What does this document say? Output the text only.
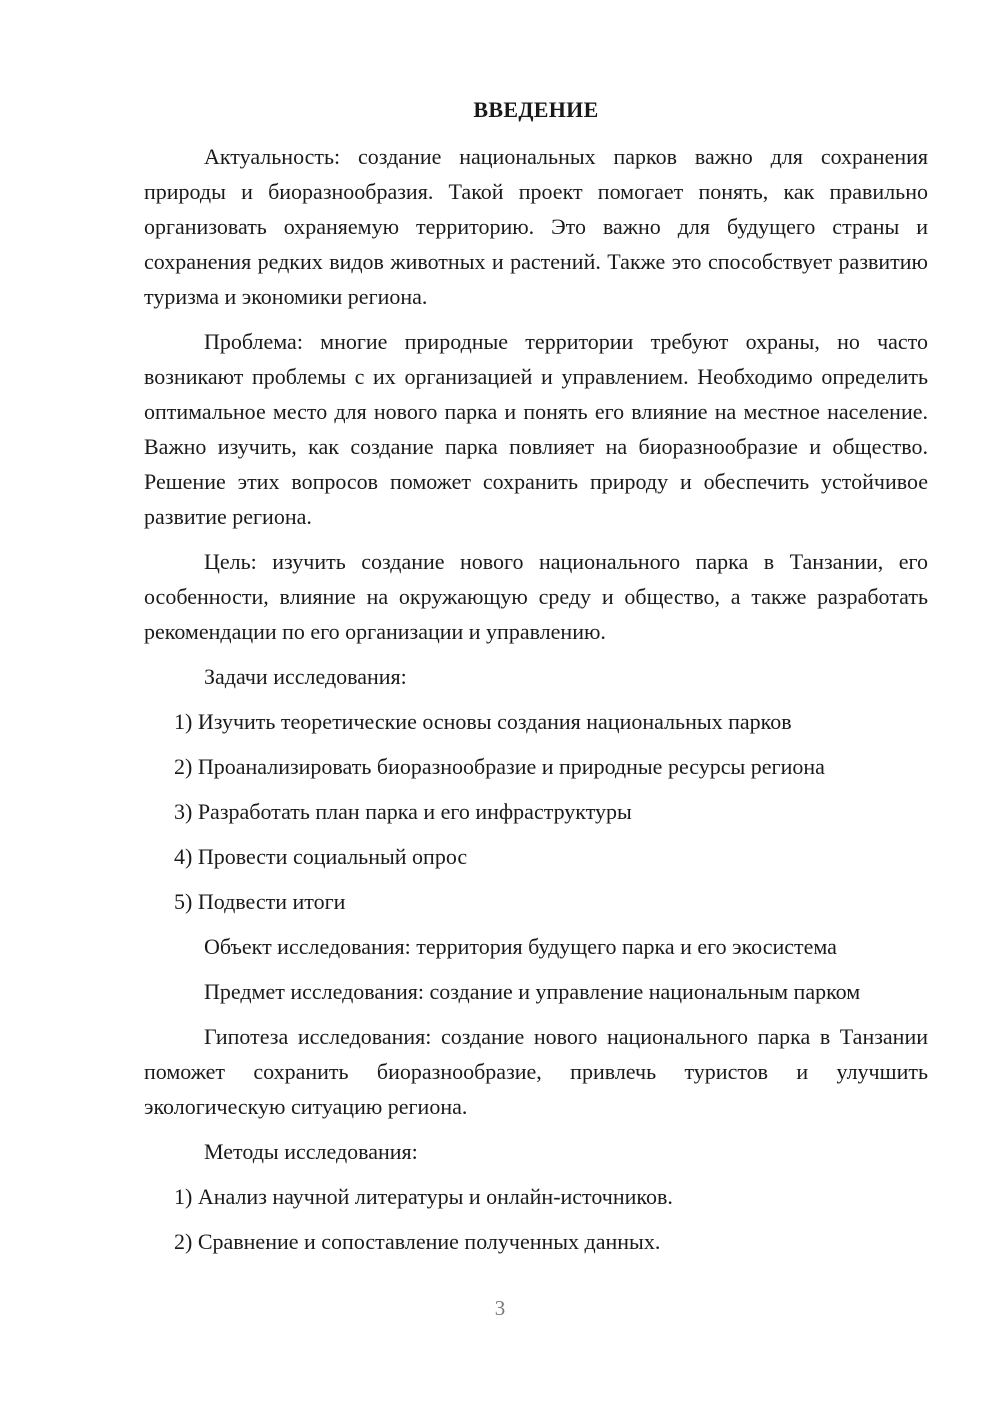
ВВЕДЕНИЕ

Актуальность: создание национальных парков важно для сохранения природы и биоразнообразия. Такой проект помогает понять, как правильно организовать охраняемую территорию. Это важно для будущего страны и сохранения редких видов животных и растений. Также это способствует развитию туризма и экономики региона.

Проблема: многие природные территории требуют охраны, но часто возникают проблемы с их организацией и управлением. Необходимо определить оптимальное место для нового парка и понять его влияние на местное население. Важно изучить, как создание парка повлияет на биоразнообразие и общество. Решение этих вопросов поможет сохранить природу и обеспечить устойчивое развитие региона.

Цель: изучить создание нового национального парка в Танзании, его особенности, влияние на окружающую среду и общество, а также разработать рекомендации по его организации и управлению.

Задачи исследования:

1) Изучить теоретические основы создания национальных парков

2) Проанализировать биоразнообразие и природные ресурсы региона

3) Разработать план парка и его инфраструктуры

4) Провести социальный опрос

5) Подвести итоги

Объект исследования: территория будущего парка и его экосистема

Предмет исследования: создание и управление национальным парком

Гипотеза исследования: создание нового национального парка в Танзании поможет сохранить биоразнообразие, привлечь туристов и улучшить экологическую ситуацию региона.

Методы исследования:

1) Анализ научной литературы и онлайн-источников.

2) Сравнение и сопоставление полученных данных.

3
